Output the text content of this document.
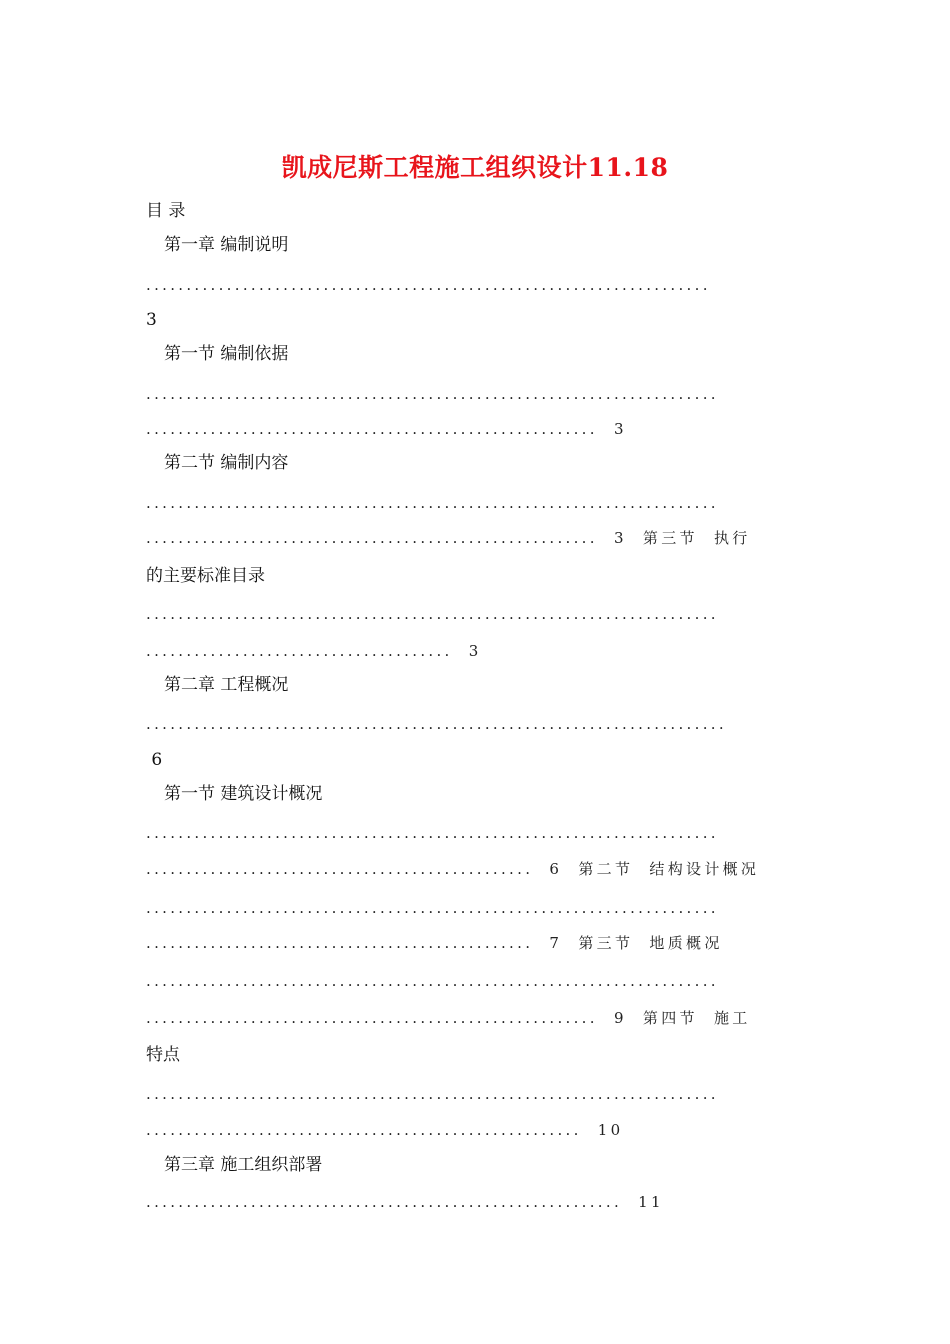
凯成尼斯工程施工组织设计11.18
目 录
第一章 编制说明
......................................................................
3
第一节 编制依据
.......................................................................
........................................................  3
第二节 编制内容
.......................................................................
........................................................  3  第三节  执行
的主要标准目录
.......................................................................
......................................  3
第二章 工程概况
........................................................................
6
第一节 建筑设计概况
.......................................................................
................................................  6  第二节  结构设计概况
.......................................................................
................................................  7  第三节  地质概况
.......................................................................
........................................................  9  第四节  施工
特点
.......................................................................
......................................................  10
第三章 施工组织部署
...........................................................  11
